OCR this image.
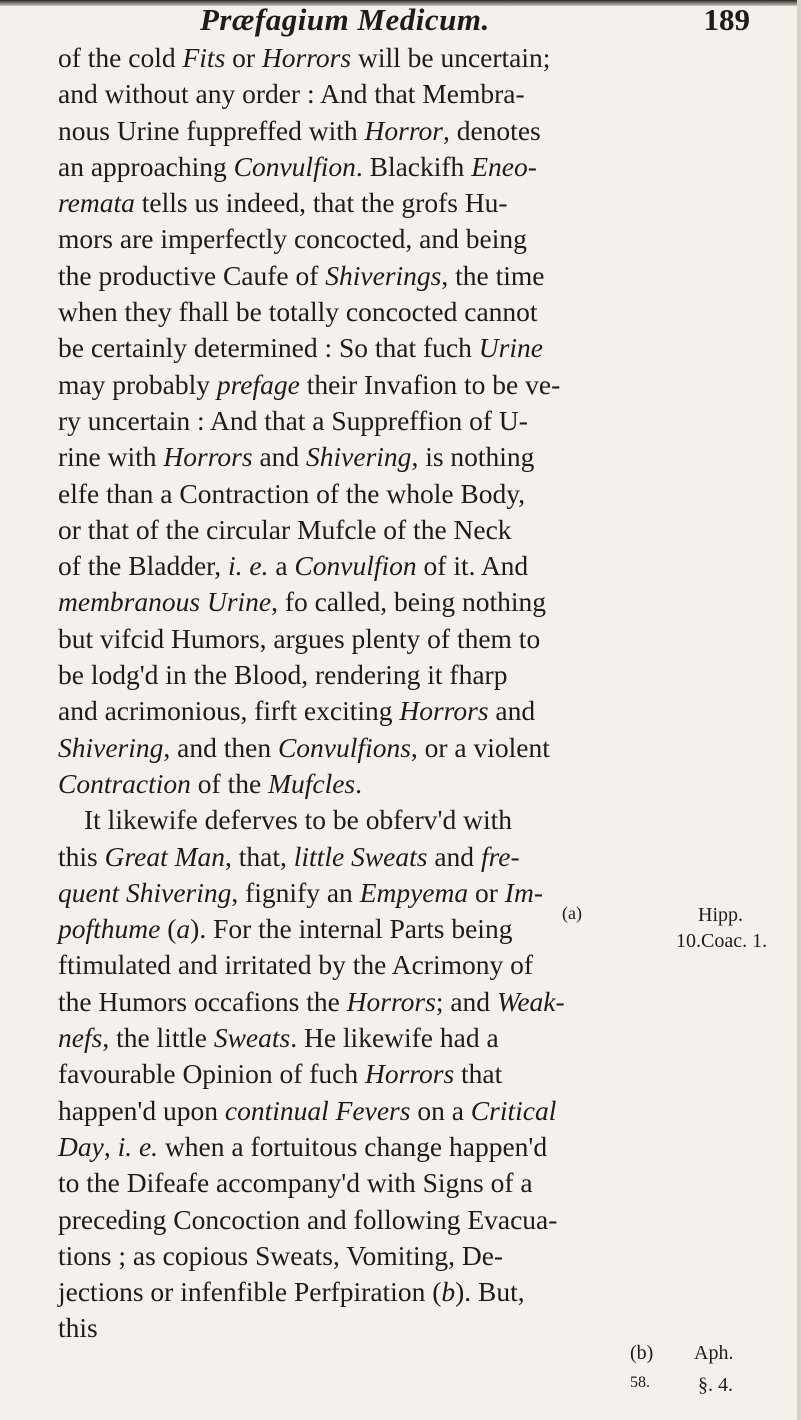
Præfagium Medicum.	189
of the cold Fits or Horrors will be uncertain;
and without any order : And that Membra-
nous Urine fuppreffed with Horror, denotes
an approaching Convulfion. Blackifh Eneo-
remata tells us indeed, that the grofs Hu-
mors are imperfectly concocted, and being
the productive Caufe of Shiverings, the time
when they fhall be totally concocted cannot
be certainly determined : So that fuch Urine
may probably prefage their Invafion to be ve-
ry uncertain : And that a Suppreffion of U-
rine with Horrors and Shivering, is nothing
elfe than a Contraction of the whole Body,
or that of the circular Mufcle of the Neck
of the Bladder, i. e. a Convulfion of it. And
membranous Urine, fo called, being nothing
but vifcid Humors, argues plenty of them to
be lodg'd in the Blood, rendering it fharp
and acrimonious, firft exciting Horrors and
Shivering, and then Convulfions, or a violent
Contraction of the Mufcles.
It likewife deferves to be obferv'd with
this Great Man, that, little Sweats and fre-
quent Shivering, fignify an Empyema or Im-
pofthume (a). For the internal Parts being
ftimulated and irritated by the Acrimony of
the Humors occafions the Horrors; and Weak-
nefs, the little Sweats. He likewife had a
favourable Opinion of fuch Horrors that
happen'd upon continual Fevers on a Critical
Day, i. e. when a fortuitous change happen'd
to the Difeafe accompany'd with Signs of a
preceding Concoction and following Evacua-
tions ; as copious Sweats, Vomiting, De-
jections or infenfible Perfpiration (b). But,
this
(a)	Hipp.
10.Coac. 1.
(b) Aph.
58. §. 4.
